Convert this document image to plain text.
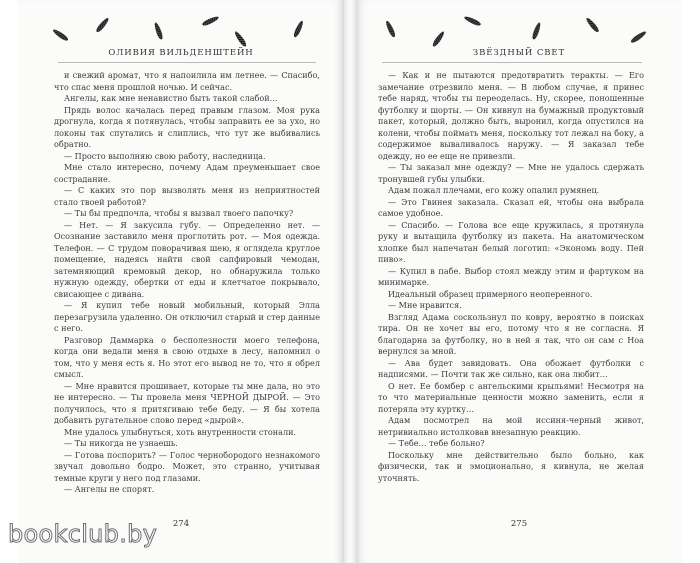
ОЛИВИЯ ВИЛЬДЕНШТЕЙН

и свежий аромат, что я напоилила им летнее. — Спасибо, что спас меня прошлой ночью. И сейчас.

Ангелы, как мне ненавистно быть такой слабой…

Прядь волос качалась перед правым глазом. Моя рука дрогнула, когда я потянулась, чтобы заправить ее за ухо, но локоны так спутались и слиплись, что тут же выбивались обратно.

— Просто выполняю свою работу, наследница.

Мне стало интересно, почему Адам преуменьшает свое сострадание.

— С каких это пор вызволять меня из неприятностей стало твоей работой?

— Ты бы предпочла, чтобы я вызвал твоего папочку?

— Нет. — Я закусила губу. — Определенно нет. — Осознание заставило меня проглотить рот. — Моя одежда. Телефон. — С трудом поворачивая шею, я оглядела круглое помещение, надеясь найти свой сапфировый чемодан, затемняющий кремовый декор, но обнаружила только нужную одежду, обертки от еды и клетчатое покрывало, свисающее с дивана.

— Я купил тебе новый мобильный, который Элла перезагрузила удаленно. Он отключил старый и стер данные с него.

Разговор Даммарка о бесполезности моего телефона, когда они ведали меня в свою отдыхе в лесу, напомнил о том, что у меня есть я. Но этот его вывод не то, что я обрел смысл.

— Мне нравится прошивает, которые ты мне дала, но это не интересно. — Ты провела меня ЧЕРНОЙ ДЫРОЙ. — Это получилось, что я притягиваю тебе беду. — Я бы хотела добавить ругательное слово перед «дырой».

Мне удалось улыбнуться, хоть внутренности стонали.

— Ты никогда не узнаешь.

— Готова поспорить? — Голос чернобородого незнакомого звучал довольно бодро. Может, это странно, учитывая темные круги у него под глазами.

— Ангелы не спорят.

274
ЗВЁЗДНЫЙ СВЕТ

— Как и не пытаются предотвратить теракты. — Его замечание отрезвило меня. — В любом случае, я принес тебе наряд, чтобы ты переоделась. Ну, скорее, поношенные футболку и шорты. — Он кивнул на бумажный продуктовый пакет, который, должно быть, выронил, когда опустился на колени, чтобы поймать меня, поскольку тот лежал на боку, а содержимое вываливалось наружу. — Я заказал тебе одежду, но ее еще не привезли.

— Ты заказал мне одежду? — Мне не удалось сдержать тронувшей губы улыбки.

Адам пожал плечами, его кожу опалил румянец.

— Это Гвинея заказала. Сказал ей, чтобы она выбрала самое удобное.

— Спасибо. — Голова все еще кружилась, я протянула руку и вытащила футболку из пакета. На анатомическом хлопке был напечатан белый логотип: «Экономь воду. Пей пиво».

— Купил в пабе. Выбор стоял между этим и фартуком на минимарке.

Идеальный образец примерного неоперенного.

— Мне нравится.

Взгляд Адама соскользнул по ковру, вероятно в поисках тира. Он не хочет вы его, потому что я не согласна. Я благодарна за футболку, но в ней я так, что он сам с Ноа вернулся за мной.

— Ава будет завидовать. Она обожает футболки с надписями. — Почти так же сильно, как она любит…

О нет. Ее бомбер с ангельскими крыльями! Несмотря на то что материальные ценности можно заменить, если я потеряла эту куртку…

Адам посмотрел на мой иссиня-черный живот, нетривиально истолковав внезапную реакцию.

— Тебе… тебе больно?

Поскольку мне действительно было больно, как физически, так и эмоционально, я кивнула, не желая уточнять.

275
bookclub.by
